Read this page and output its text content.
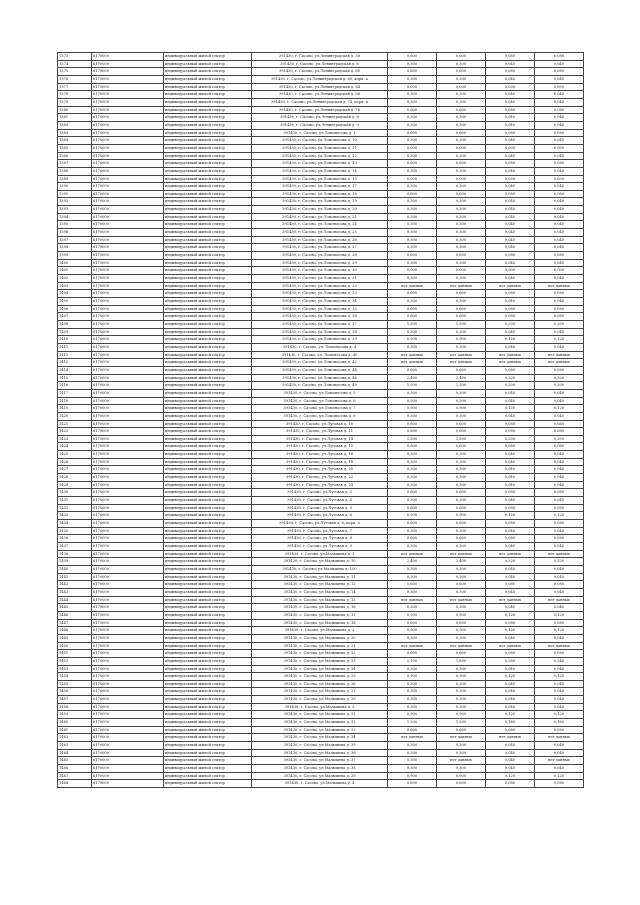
1373	6170000	индивидуальный жилой сектор	391430, г. Сасово, ул.Ленинградская д. 58	0,600	0,600	0,080	0,080
1374	6170000	индивидуальный жилой сектор	391430, г. Сасово, ул.Ленинградская д. 6	0,300	0,300	0,040	0,040
1375	6170000	индивидуальный жилой сектор	391430, г. Сасово, ул.Ленинградская д. 60	0,600	0,600	0,080	0,080
1376	6170000	индивидуальный жилой сектор	391430, г. Сасово, ул.Ленинградская д. 60, корп. а	0,300	0,300	0,040	0,040
1377	6170000	индивидуальный жилой сектор	391430, г. Сасово, ул.Ленинградская д. 64	0,000	0,000	0,000	0,000
1378	6170000	индивидуальный жилой сектор	391430, г. Сасово, ул.Ленинградская д. 66	0,300	0,300	0,040	0,040
1379	6170000	индивидуальный жилой сектор	391430, г. Сасово, ул.Ленинградская д. 74, корп. а	0,300	0,300	0,040	0,040
1380	6170000	индивидуальный жилой сектор	391430, г. Сасово, ул.Ленинградская д. 76	0,600	0,600	0,080	0,080
1381	6170000	индивидуальный жилой сектор	391430, г. Сасово, ул.Ленинградская д. 8	0,300	0,300	0,040	0,040
1382	6170000	индивидуальный жилой сектор	391430, г. Сасово, ул.Ленинградская д. 9	0,300	0,300	0,040	0,040
1383	6170000	индивидуальный жилой сектор	391430, г. Сасово, ул.Ломоносова д. 1	0,600	0,600	0,080	0,080
1384	6170000	индивидуальный жилой сектор	391430, г. Сасово, ул.Ломоносова д. 10	0,300	0,300	0,040	0,040
1385	6170000	индивидуальный жилой сектор	391430, г. Сасово, ул.Ломоносова д. 11	0,000	0,000	0,000	0,000
1386	6170000	индивидуальный жилой сектор	391430, г. Сасово, ул.Ломоносова д. 12	0,300	0,300	0,040	0,040
1387	6170000	индивидуальный жилой сектор	391430, г. Сасово, ул.Ломоносова д. 13	0,600	0,600	0,080	0,080
1388	6170000	индивидуальный жилой сектор	391430, г. Сасово, ул.Ломоносова д. 14	0,300	0,300	0,040	0,040
1389	6170000	индивидуальный жилой сектор	391430, г. Сасово, ул.Ломоносова д. 15	0,000	0,000	0,000	0,000
1390	6170000	индивидуальный жилой сектор	391430, г. Сасово, ул.Ломоносова д. 17	0,300	0,300	0,040	0,040
1391	6170000	индивидуальный жилой сектор	391430, г. Сасово, ул.Ломоносова д. 18	0,600	0,600	0,080	0,080
1392	6170000	индивидуальный жилой сектор	391430, г. Сасово, ул.Ломоносова д. 19	0,300	0,300	0,040	0,040
1393	6170000	индивидуальный жилой сектор	391430, г. Сасово, ул.Ломоносова д. 20	0,300	0,300	0,040	0,040
1394	6170000	индивидуальный жилой сектор	391430, г. Сасово, ул.Ломоносова д. 21	0,300	0,300	0,040	0,040
1395	6170000	индивидуальный жилой сектор	391430, г. Сасово, ул.Ломоносова д. 24	0,300	0,300	0,040	0,040
1396	6170000	индивидуальный жилой сектор	391430, г. Сасово, ул.Ломоносова д. 25	0,300	0,300	0,040	0,040
1397	6170000	индивидуальный жилой сектор	391430, г. Сасово, ул.Ломоносова д. 26	0,300	0,300	0,040	0,040
1398	6170000	индивидуальный жилой сектор	391430, г. Сасово, ул.Ломоносова д. 27	0,300	0,300	0,040	0,040
1399	6170000	индивидуальный жилой сектор	391430, г. Сасово, ул.Ломоносова д. 28	0,600	0,600	0,080	0,080
1400	6170000	индивидуальный жилой сектор	391430, г. Сасово, ул.Ломоносова д. 29	0,300	0,300	0,040	0,040
1401	6170000	индивидуальный жилой сектор	391430, г. Сасово, ул.Ломоносова д. 30	0,000	0,000	0,000	0,000
1402	6170000	индивидуальный жилой сектор	391430, г. Сасово, ул.Ломоносова д. 31	0,300	0,300	0,040	0,040
1403	6170000	индивидуальный жилой сектор	391430, г. Сасово, ул.Ломоносова д. 32	нет данных	нет данных	нет данных	нет данных
1404	6170000	индивидуальный жилой сектор	391430, г. Сасово, ул.Ломоносова д. 33	0,600	0,600	0,080	0,080
1405	6170000	индивидуальный жилой сектор	391430, г. Сасово, ул.Ломоносова д. 34	0,300	0,300	0,040	0,040
1406	6170000	индивидуальный жилой сектор	391430, г. Сасово, ул.Ломоносова д. 35	0,600	0,600	0,080	0,080
1407	6170000	индивидуальный жилой сектор	391430, г. Сасово, ул.Ломоносова д. 36	0,600	0,600	0,080	0,080
1408	6170000	индивидуальный жилой сектор	391430, г. Сасово, ул.Ломоносова д. 37	1,500	1,500	0,200	0,200
1409	6170000	индивидуальный жилой сектор	391430, г. Сасово, ул.Ломоносова д. 38	0,300	0,300	0,040	0,040
1410	6170000	индивидуальный жилой сектор	391430, г. Сасово, ул.Ломоносова д. 39	0,900	0,900	0,120	0,120
1411	6170000	индивидуальный жилой сектор	391430, г. Сасово, ул. Ломоносова д. 4	0,300	0,300	0,040	0,040
1412	6170000	индивидуальный жилой сектор	391430, г. Сасово, ул. Ломоносова д. 40	нет данных	нет данных	нет данных	нет данных
1413	6170000	индивидуальный жилой сектор	391430, г. Сасово, ул.Ломоносова д. 42	нет данных	нет данных	нет данных	нет данных
1414	6170000	индивидуальный жилой сектор	391430, г. Сасово, ул.Ломоносова д. 44	0,600	0,600	0,080	0,080
1415	6170000	индивидуальный жилой сектор	391430, г. Сасово, ул.Ломоносова д. 46	2,400	2,400	0,320	0,320
1416	6170000	индивидуальный жилой сектор	391430, г. Сасово, ул.Ломоносова д. 48	1,500	1,500	0,200	0,200
1417	6170000	индивидуальный жилой сектор	391430, г. Сасово, ул.Ломоносова д. 5	0,300	0,300	0,040	0,040
1418	6170000	индивидуальный жилой сектор	391430, г. Сасово, ул.Ломоносова д. 6	0,300	0,300	0,040	0,040
1419	6170000	индивидуальный жилой сектор	391430, г. Сасово, ул.Ломоносова д. 7	0,900	0,900	0,120	0,120
1420	6170000	индивидуальный жилой сектор	391430, г. Сасово, ул.Ломоносова д. 8	0,300	0,300	0,040	0,040
1421	6170000	индивидуальный жилой сектор	391430, г. Сасово, ул.Луговая д. 10	0,600	0,600	0,080	0,080
1422	6170000	индивидуальный жилой сектор	391430, г. Сасово, ул.Луговая д. 11	0,600	0,600	0,080	0,080
1423	6170000	индивидуальный жилой сектор	391430, г. Сасово, ул.Луговая д. 14	1,500	1,500	0,200	0,200
1424	6170000	индивидуальный жилой сектор	391430, г. Сасово, ул.Луговая д. 15	0,600	0,600	0,080	0,080
1425	6170000	индивидуальный жилой сектор	391430, г. Сасово, ул.Луговая д. 16	0,300	0,300	0,040	0,040
1426	6170000	индивидуальный жилой сектор	391430, г. Сасово, ул.Луговая д. 18	0,300	0,300	0,040	0,040
1427	6170000	индивидуальный жилой сектор	391430, г. Сасово, ул.Луговая д. 20	0,300	0,300	0,040	0,040
1428	6170000	индивидуальный жилой сектор	391430, г. Сасово, ул.Луговая д. 22	0,300	0,300	0,040	0,040
1429	6170000	индивидуальный жилой сектор	391430, г. Сасово, ул.Луговая д. 24	0,300	0,300	0,040	0,040
1430	6170000	индивидуальный жилой сектор	391430, г. Сасово, ул.Луговая д. 3	0,600	0,600	0,080	0,080
1431	6170000	индивидуальный жилой сектор	391430, г. Сасово, ул.Луговая д. 4	0,300	0,300	0,040	0,040
1432	6170000	индивидуальный жилой сектор	391430, г. Сасово, ул.Луговая д. 5	0,600	0,600	0,080	0,080
1433	6170000	индивидуальный жилой сектор	391430, г. Сасово, ул.Луговая д. 6	0,900	0,900	0,120	0,120
1434	6170000	индивидуальный жилой сектор	391430, г. Сасово, ул.Луговая д. 6, корп. а	0,600	0,600	0,080	0,080
1435	6170000	индивидуальный жилой сектор	391430, г. Сасово, ул.Луговая д. 7	0,300	0,300	0,040	0,040
1436	6170000	индивидуальный жилой сектор	391430, г. Сасово, ул.Луговая д. 8	0,600	0,600	0,080	0,080
1437	6170000	индивидуальный жилой сектор	391430, г. Сасово, ул.Луговая д. 9	0,300	0,300	0,040	0,040
1438	6170000	индивидуальный жилой сектор	391430, г. Сасово, ул.Малышева д. 1	нет данных	нет данных	нет данных	нет данных
1439	6170000	индивидуальный жилой сектор	391430, г. Сасово, ул.Малышева д. 10	2,400	2,400	0,320	0,320
1440	6170000	индивидуальный жилой сектор	391430, г. Сасово, ул.Малышева д. 100	0,300	0,300	0,040	0,040
1441	6170000	индивидуальный жилой сектор	391430, г. Сасово, ул.Малышева д. 11	0,300	0,300	0,040	0,040
1442	6170000	индивидуальный жилой сектор	391430, г. Сасово, ул.Малышева д. 12	0,600	0,600	0,080	0,080
1443	6170000	индивидуальный жилой сектор	391430, г. Сасово, ул.Малышева д. 14	0,300	0,300	0,040	0,040
1444	6170000	индивидуальный жилой сектор	391430, г. Сасово, ул.Малышева д. 15	нет данных	нет данных	нет данных	нет данных
1445	6170000	индивидуальный жилой сектор	391430, г. Сасово, ул.Малышева д. 16	0,300	0,300	0,040	0,040
1446	6170000	индивидуальный жилой сектор	391430, г. Сасово, ул.Малышева д. 17	0,900	0,900	0,120	0,120
1447	6170000	индивидуальный жилой сектор	391430, г. Сасово, ул.Малышева д. 18	0,600	0,600	0,080	0,080
1448	6170000	индивидуальный жилой сектор	391430, г. Сасово, ул.Малышева д. 2	0,900	0,900	0,120	0,120
1449	6170000	индивидуальный жилой сектор	391430, г. Сасово, ул.Малышева д. 20	0,300	0,300	0,040	0,040
1450	6170000	индивидуальный жилой сектор	391430, г. Сасово, ул.Малышева д. 21	нет данных	нет данных	нет данных	нет данных
1451	6170000	индивидуальный жилой сектор	391430, г. Сасово, ул.Малышева д. 22	0,600	0,600	0,080	0,080
1452	6170000	индивидуальный жилой сектор	391430, г. Сасово, ул.Малышева д. 23	2,100	1,800	0,280	0,240
1453	6170000	индивидуальный жилой сектор	391430, г. Сасово, ул.Малышева д. 24	0,300	0,300	0,040	0,040
1454	6170000	индивидуальный жилой сектор	391430, г. Сасово, ул.Малышева д. 25	0,900	0,900	0,120	0,120
1455	6170000	индивидуальный жилой сектор	391430, г. Сасово, ул.Малышева д. 26	0,300	0,300	0,040	0,040
1456	6170000	индивидуальный жилой сектор	391430, г. Сасово, ул.Малышева д. 27	0,300	0,300	0,040	0,040
1457	6170000	индивидуальный жилой сектор	391430, г. Сасово, ул.Малышева д. 29	0,300	0,300	0,040	0,040
1458	6170000	индивидуальный жилой сектор	391430, г. Сасово, ул.Малышева д. 3	0,300	0,300	0,040	0,040
1459	6170000	индивидуальный жилой сектор	391430, г. Сасово, ул.Малышева д. 31	0,900	0,900	0,120	0,120
1460	6170000	индивидуальный жилой сектор	391430, г. Сасово, ул.Малышева д. 32	1,200	1,200	0,160	0,160
1461	6170000	индивидуальный жилой сектор	391430, г. Сасово, ул.Малышева д. 33	0,600	0,600	0,080	0,080
1462	6170000	индивидуальный жилой сектор	391430, г. Сасово, ул.Малышева д. 34	нет данных	нет данных	нет данных	нет данных
1463	6170000	индивидуальный жилой сектор	391430, г. Сасово, ул.Малышева д. 35	0,300	0,300	0,040	0,040
1464	6170000	индивидуальный жилой сектор	391430, г. Сасово, ул.Малышева д. 36	0,300	0,300	0,040	0,040
1465	6170000	индивидуальный жилой сектор	391430, г. Сасово, ул.Малышева д. 37	0,300	нет данных	0,040	нет данных
1466	6170000	индивидуальный жилой сектор	391430, г. Сасово, ул.Малышева д. 38	0,300	0,300	0,040	0,040
1467	6170000	индивидуальный жилой сектор	391430, г. Сасово, ул.Малышева д. 39	0,900	0,900	0,120	0,120
1468	6170000	индивидуальный жилой сектор	391430, г. Сасово, ул.Малышева д. 4	0,600	0,600	0,080	0,080
